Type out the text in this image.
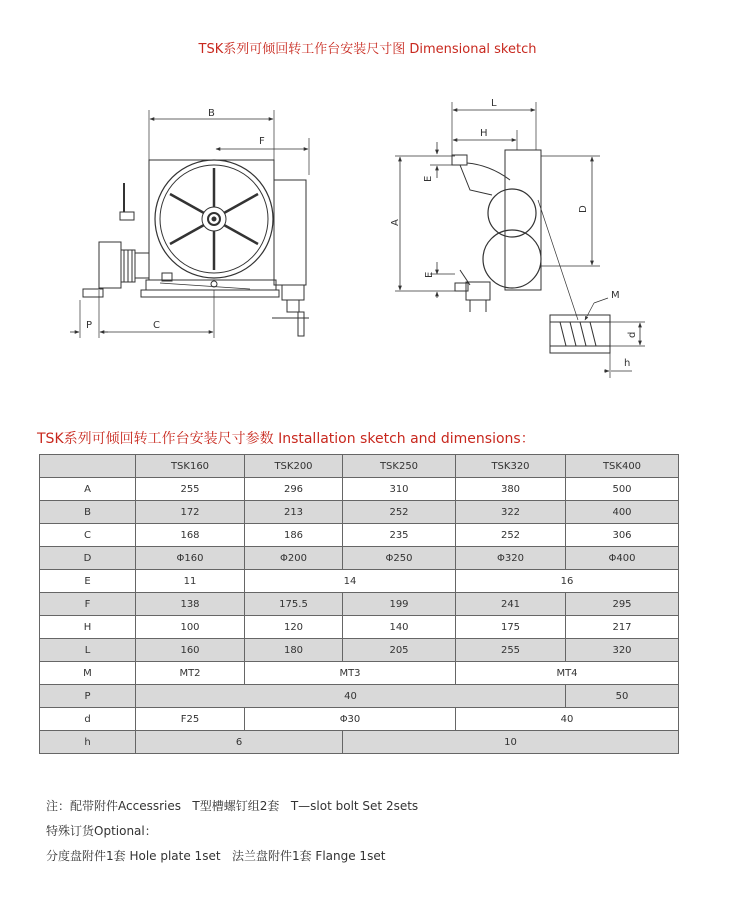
TSK系列可倾回转工作台安装尺寸图 Dimensional sketch
B
F
P	C
L
H
E
A
D
E
M
d
h
TSK系列可倾回转工作台安装尺寸参数 Installation sketch and dimensions：
	TSK160	TSK200	TSK250	TSK320	TSK400
A	255	296	310	380	500
B	172	213	252	322	400
C	168	186	235	252	306
D	Φ160	Φ200	Φ250	Φ320	Φ400
E	11	14		16	
F	138	175.5	199	241	295
H	100	120	140	175	217
L	160	180	205	255	320
M	MT2	MT3		MT4	
P	40				50
d	F25	Φ30		40	
h	6		10		
注：配带附件Accessries   T型槽螺钉组2套   T—slot bolt Set 2sets
特殊订货Optional：
分度盘附件1套 Hole plate 1set   法兰盘附件1套 Flange 1set
